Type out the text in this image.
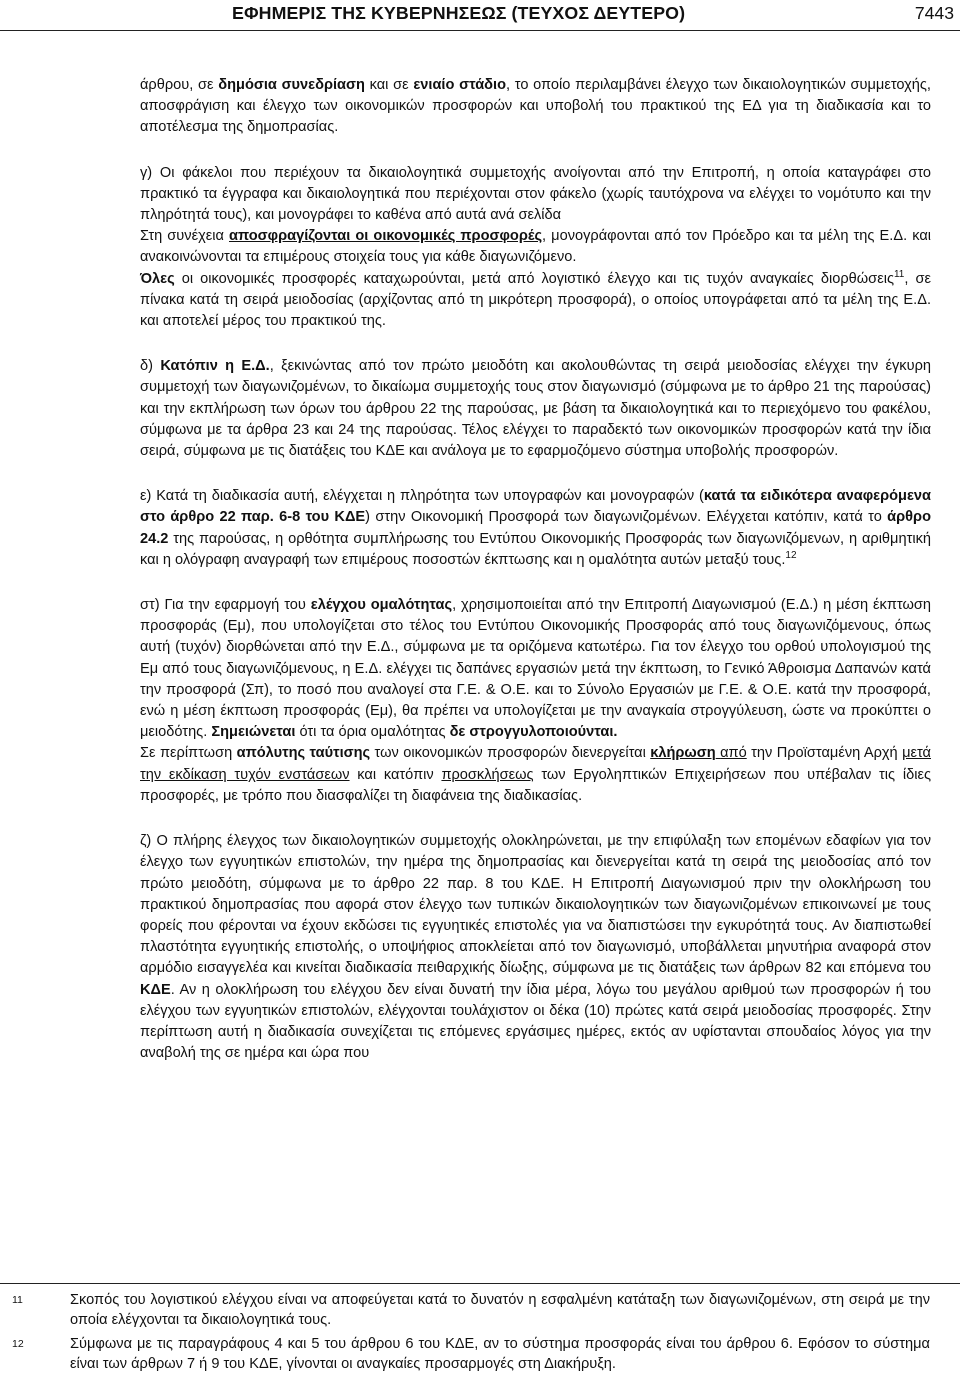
ΕΦΗΜΕΡΙΣ ΤΗΣ ΚΥΒΕΡΝΗΣΕΩΣ (ΤΕΥΧΟΣ ΔΕΥΤΕΡΟ)	7443

άρθρου, σε δημόσια συνεδρίαση και σε ενιαίο στάδιο, το οποίο περιλαμβάνει έλεγχο των δικαιολογητικών συμμετοχής, αποσφράγιση και έλεγχο των οικονομικών προσφορών και υποβολή του πρακτικού της ΕΔ για τη διαδικασία και το αποτέλεσμα της δημοπρασίας.

γ) Οι φάκελοι που περιέχουν τα δικαιολογητικά συμμετοχής ανοίγονται από την Επιτροπή, η οποία καταγράφει στο πρακτικό τα έγγραφα και δικαιολογητικά που περιέχονται στον φάκελο (χωρίς ταυτόχρονα να ελέγχει το νομότυπο και την πληρότητά τους), και μονογράφει το καθένα από αυτά ανά σελίδα

Στη συνέχεια αποσφραγίζονται οι οικονομικές προσφορές, μονογράφονται από τον Πρόεδρο και τα μέλη της Ε.Δ. και ανακοινώνονται τα επιμέρους στοιχεία τους για κάθε διαγωνιζόμενο.

Όλες οι οικονομικές προσφορές καταχωρούνται, μετά από λογιστικό έλεγχο και τις τυχόν αναγκαίες διορθώσεις$^{11}$, σε πίνακα κατά τη σειρά μειοδοσίας (αρχίζοντας από τη μικρότερη προσφορά), ο οποίος υπογράφεται από τα μέλη της Ε.Δ. και αποτελεί μέρος του πρακτικού της.

δ) Κατόπιν η Ε.Δ., ξεκινώντας από τον πρώτο μειοδότη και ακολουθώντας τη σειρά μειοδοσίας ελέγχει την έγκυρη συμμετοχή των διαγωνιζομένων, το δικαίωμα συμμετοχής τους στον διαγωνισμό (σύμφωνα με το άρθρο 21 της παρούσας) και την εκπλήρωση των όρων του άρθρου 22 της παρούσας, με βάση τα δικαιολογητικά και το περιεχόμενο του φακέλου, σύμφωνα με τα άρθρα 23 και 24 της παρούσας. Τέλος ελέγχει το παραδεκτό των οικονομικών προσφορών κατά την ίδια σειρά, σύμφωνα με τις διατάξεις του ΚΔΕ και ανάλογα με το εφαρμοζόμενο σύστημα υποβολής προσφορών.

ε) Κατά τη διαδικασία αυτή, ελέγχεται η πληρότητα των υπογραφών και μονογραφών (κατά τα ειδικότερα αναφερόμενα στο άρθρο 22 παρ. 6-8 του ΚΔΕ) στην Οικονομική Προσφορά των διαγωνιζομένων. Ελέγχεται κατόπιν, κατά το άρθρο 24.2 της παρούσας, η ορθότητα συμπλήρωσης του Εντύπου Οικονομικής Προσφοράς των διαγωνιζόμενων, η αριθμητική και η ολόγραφη αναγραφή των επιμέρους ποσοστών έκπτωσης και η ομαλότητα αυτών μεταξύ τους.$^{12}$

στ) Για την εφαρμογή του ελέγχου ομαλότητας, χρησιμοποιείται από την Επιτροπή Διαγωνισμού (Ε.Δ.) η μέση έκπτωση προσφοράς (Εμ), που υπολογίζεται στο τέλος του Εντύπου Οικονομικής Προσφοράς από τους διαγωνιζόμενους, όπως αυτή (τυχόν) διορθώνεται από την Ε.Δ., σύμφωνα με τα οριζόμενα κατωτέρω. Για τον έλεγχο του ορθού υπολογισμού της Εμ από τους διαγωνιζόμενους, η Ε.Δ. ελέγχει τις δαπάνες εργασιών μετά την έκπτωση, το Γενικό Άθροισμα Δαπανών κατά την προσφορά (Σπ), το ποσό που αναλογεί στα Γ.Ε. & Ο.Ε. και το Σύνολο Εργασιών με Γ.Ε. & Ο.Ε. κατά την προσφορά, ενώ η μέση έκπτωση προσφοράς (Εμ), θα πρέπει να υπολογίζεται με την αναγκαία στρογγύλευση, ώστε να προκύπτει ο μειοδότης. Σημειώνεται ότι τα όρια ομαλότητας δε στρογγυλοποιούνται.

Σε περίπτωση απόλυτης ταύτισης των οικονομικών προσφορών διενεργείται κλήρωση από την Προϊσταμένη Αρχή μετά την εκδίκαση τυχόν ενστάσεων και κατόπιν προσκλήσεως των Εργοληπτικών Επιχειρήσεων που υπέβαλαν τις ίδιες προσφορές, με τρόπο που διασφαλίζει τη διαφάνεια της διαδικασίας.

ζ) Ο πλήρης έλεγχος των δικαιολογητικών συμμετοχής ολοκληρώνεται, με την επιφύλαξη των επομένων εδαφίων για τον έλεγχο των εγγυητικών επιστολών, την ημέρα της δημοπρασίας και διενεργείται κατά τη σειρά της μειοδοσίας από τον πρώτο μειοδότη, σύμφωνα με το άρθρο 22 παρ. 8 του ΚΔΕ. Η Επιτροπή Διαγωνισμού πριν την ολοκλήρωση του πρακτικού δημοπρασίας που αφορά στον έλεγχο των τυπικών δικαιολογητικών των διαγωνιζομένων επικοινωνεί με τους φορείς που φέρονται να έχουν εκδώσει τις εγγυητικές επιστολές για να διαπιστώσει την εγκυρότητά τους. Αν διαπιστωθεί πλαστότητα εγγυητικής επιστολής, ο υποψήφιος αποκλείεται από τον διαγωνισμό, υποβάλλεται μηνυτήρια αναφορά στον αρμόδιο εισαγγελέα και κινείται διαδικασία πειθαρχικής δίωξης, σύμφωνα με τις διατάξεις των άρθρων 82 και επόμενα του ΚΔΕ. Αν η ολοκλήρωση του ελέγχου δεν είναι δυνατή την ίδια μέρα, λόγω του μεγάλου αριθμού των προσφορών ή του ελέγχου των εγγυητικών επιστολών, ελέγχονται τουλάχιστον οι δέκα (10) πρώτες κατά σειρά μειοδοσίας προσφορές. Στην περίπτωση αυτή η διαδικασία συνεχίζεται τις επόμενες εργάσιμες ημέρες, εκτός αν υφίστανται σπουδαίος λόγος για την αναβολή της σε ημέρα και ώρα που

11	Σκοπός του λογιστικού ελέγχου είναι να αποφεύγεται κατά το δυνατόν η εσφαλμένη κατάταξη των διαγωνιζομένων, στη σειρά με την οποία ελέγχονται τα δικαιολογητικά τους.
12	Σύμφωνα με τις παραγράφους 4 και 5 του άρθρου 6 του ΚΔΕ, αν το σύστημα προσφοράς είναι του άρθρου 6. Εφόσον το σύστημα είναι των άρθρων 7 ή 9 του ΚΔΕ, γίνονται οι αναγκαίες προσαρμογές στη Διακήρυξη.
